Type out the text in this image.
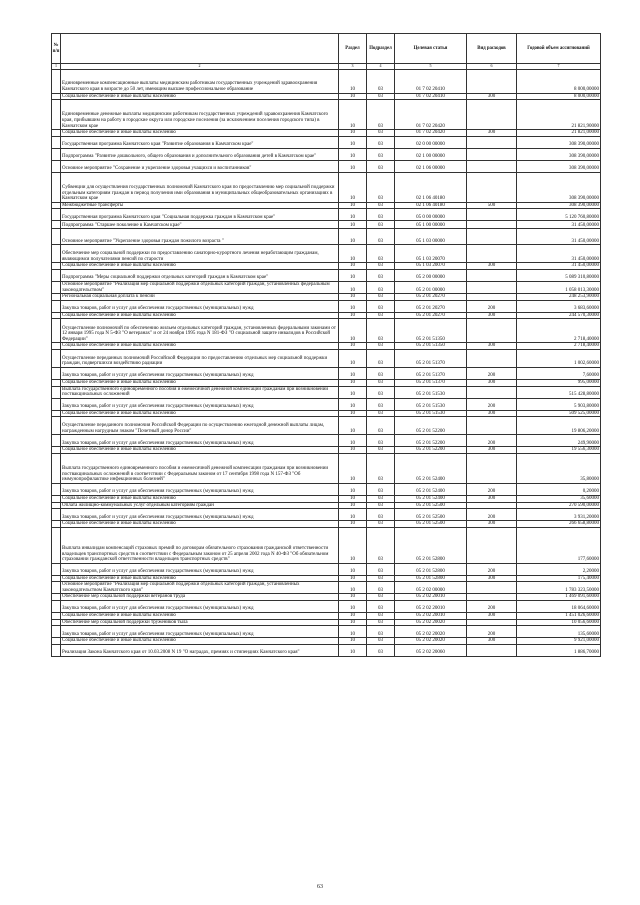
№ п/п		Раздел	Подраздел	Целевая статья	Вид расходов	Годовой объем ассигнований
1	2	3	4	5	6	7
	Единовременные компенсационные выплаты медицинским работникам государственных учреждений здравоохранения Камчатского края в возрасте до 50 лет, имеющим высшее профессиональное образование	10	03	01 7 02 20410		8 000,00000
	Социальное обеспечение и иные выплаты населению	10	03	01 7 02 20410	300	8 000,00000
	Единовременные денежные выплаты медицинским работникам государственных учреждений здравоохранения Камчатского края, прибывшим на работу в городские округа или городские поселения (за исключением поселения городского типа) в Камчатском крае	10	03	01 7 02 20420		21 821,90000
	Социальное обеспечение и иные выплаты населению	10	03	01 7 02 20420	300	21 821,00000
	Государственная программа Камчатского края "Развитие образования в Камчатском крае"	10	03	02 0 00 00000		308 390,00000
	Подпрограмма "Развитие дошкольного, общего образования и дополнительного образования детей в Камчатском крае"	10	03	02 1 00 00000		308 390,00000
	Основное мероприятие "Сохранение и укрепление здоровья учащихся и воспитанников"	10	03	02 1 06 00000		308 390,00000
	Субвенции для осуществления государственных полномочий Камчатского края по предоставлению мер социальной поддержки отдельным категориям граждан в период получения ими образования в муниципальных общеобразовательных организациях в Камчатском крае	10	03	02 1 06 40180		308 390,00000
	Межбюджетные трансферты	10	03	02 1 06 40180	500	308 390,00000
	Государственная программа Камчатского края "Социальная поддержка граждан в Камчатском крае"	10	03	05 0 00 00000		5 120 760,80000
	Подпрограмма "Старшее поколение в Камчатском крае"	10	03	05 1 00 00000		31 450,00000
	Основное мероприятие "Укрепление здоровья граждан пожилого возраста "	10	03	05 1 03 00000		31 450,00000
	Обеспечение мер социальной поддержки по предоставлению санаторно-курортного лечения неработающим гражданам, являющимся получателями пенсий по старости	10	03	05 1 03 20070		31 450,00000
	Социальное обеспечение и иные выплаты населению	10	03	05 1 03 20070	300	31 450,00000
	Подпрограмма "Меры социальной поддержки отдельных категорий граждан в Камчатском крае"	10	03	05 2 00 00000		5 089 310,80000
	Основное мероприятие "Реализация мер социальной поддержки отдельных категорий граждан, установленных федеральным законодательством"	10	03	05 2 01 00000		1 058 013,30000
	Региональная социальная доплата к пенсии	10	03	05 2 01 20270		248 253,90000
	Закупка товаров, работ и услуг для обеспечения государственных (муниципальных) нужд	10	03	05 2 01 20270	200	3 683,60000
	Социальное обеспечение и иные выплаты населению	10	03	05 2 01 20270	300	244 570,30000
	Осуществление полномочий по обеспечению жильем отдельных категорий граждан, установленных федеральными законами от 12 января 1995 года N 5-ФЗ "О ветеранах" и от 24 ноября 1995 года N 181-ФЗ "О социальной защите инвалидов в Российской Федерации"	10	03	05 2 01 51350		2 718,40000
	Социальное обеспечение и иные выплаты населению	10	03	05 2 01 51350	300	2 718,40000
	Осуществление переданных полномочий Российской Федерации по предоставлению отдельных мер социальной поддержки граждан, подвергшихся воздействию радиации	10	03	05 2 01 51370		1 002,60000
	Закупка товаров, работ и услуг для обеспечения государственных (муниципальных) нужд	10	03	05 2 01 51370	200	7,60000
	Социальное обеспечение и иные выплаты населению	10	03	05 2 01 51370	300	995,00000
	Выплата государственного единовременного пособия и ежемесячной денежной компенсации гражданам при возникновении поствакцинальных осложнений	10	03	05 2 01 51530		515 428,80000
	Закупка товаров, работ и услуг для обеспечения государственных (муниципальных) нужд	10	03	05 2 01 51530	200	5 903,80000
	Социальное обеспечение и иные выплаты населению	10	03	05 2 01 51530	300	509 525,00000
	Осуществление переданного полномочия Российской Федерации по осуществлению ежегодной денежной выплаты лицам, награжденным нагрудным знаком "Почетный донор России"	10	03	05 2 01 52200		19 806,20000
	Закупка товаров, работ и услуг для обеспечения государственных (муниципальных) нужд	10	03	05 2 01 52200	200	249,90000
	Социальное обеспечение и иные выплаты населению	10	03	05 2 01 52200	300	19 556,30000
	Выплата государственного единовременного пособия и ежемесячной денежной компенсации гражданам при возникновении поствакцинальных осложнений в соответствии с Федеральным законом от 17 сентября 1998 года N 157-ФЗ "Об иммунопрофилактике инфекционных болезней"	10	03	05 2 01 52400		35,80000
	Закупка товаров, работ и услуг для обеспечения государственных (муниципальных) нужд	10	03	05 2 01 52400	200	0,20000
	Социальное обеспечение и иные выплаты населению	10	03	05 2 01 52400	300	35,60000
	Оплата жилищно-коммунальных услуг отдельным категориям граждан	10	03	05 2 01 52500		270 590,00000
	Закупка товаров, работ и услуг для обеспечения государственных (муниципальных) нужд	10	03	05 2 01 52500	200	3 931,20000
	Социальное обеспечение и иные выплаты населению	10	03	05 2 01 52500	300	266 658,80000
	Выплата инвалидам компенсаций страховых премий по договорам обязательного страхования гражданской ответственности владельцев транспортных средств в соответствии с Федеральным законом от 25 апреля 2002 года N 40-ФЗ "Об обязательном страховании гражданской ответственности владельцев транспортных средств"	10	03	05 2 01 52800		177,60000
	Закупка товаров, работ и услуг для обеспечения государственных (муниципальных) нужд	10	03	05 2 01 52800	200	2,20000
	Социальное обеспечение и иные выплаты населению	10	03	05 2 01 52800	300	175,40000
	Основное мероприятие "Реализация мер социальной поддержки отдельных категорий граждан, установленных законодательством Камчатского края"	10	03	05 2 02 00000		1 783 323,50000
	Обеспечение мер социальной поддержки ветеранов труда	10	03	05 2 02 20010		1 469 091,60000
	Закупка товаров, работ и услуг для обеспечения государственных (муниципальных) нужд	10	03	05 2 02 20010	200	18 064,60000
	Социальное обеспечение и иные выплаты населению	10	03	05 2 02 20010	300	1 451 026,60000
	Обеспечение мер социальной поддержки тружеников тыла	10	03	05 2 02 20020		10 056,60000
	Закупка товаров, работ и услуг для обеспечения государственных (муниципальных) нужд	10	03	05 2 02 20020	200	135,60000
	Социальное обеспечение и иные выплаты населению	10	03	05 2 02 20020	300	9 921,00000
	Реализация Закона Камчатского края от 10.03.2008 N 19 "О наградах, премиях и стипендиях Камчатского края"	10	03	05 2 02 20060		1 886,70000
63
